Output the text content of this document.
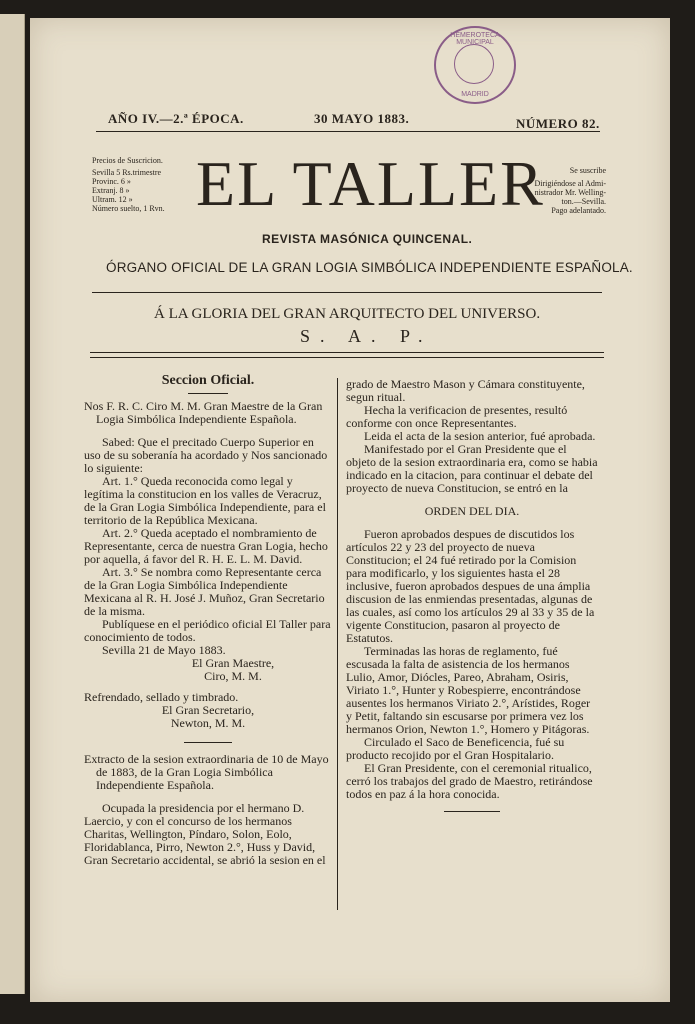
HEMEROTECA MUNICIPAL
MADRID
AÑO IV.—2.ª ÉPOCA.	30 MAYO 1883.	NÚMERO 82.
Precios de Suscricion.
Sevilla 5 Rs.trimestre
Provinc. 6 »
Extranj. 8 »
Ultram. 12 »
Número suelto, 1 Rvn. EL TALLER	Se suscribe
Dirigiéndose al Admi-
nistrador Mr. Welling-
ton.—Sevilla.
Pago adelantado.
REVISTA MASÓNICA QUINCENAL.
ÓRGANO OFICIAL DE LA GRAN LOGIA SIMBÓLICA INDEPENDIENTE ESPAÑOLA.
Á LA GLORIA DEL GRAN ARQUITECTO DEL UNIVERSO.
S. A. P.
Seccion Oficial.

Nos F. R. C. Ciro M. M. Gran Maestre de la Gran Logia Simbólica Independiente Española.

Sabed: Que el precitado Cuerpo Superior en uso de su soberanía ha acordado y Nos sancionado lo siguiente:

Art. 1.° Queda reconocida como legal y legítima la constitucion en los valles de Veracruz, de la Gran Logia Simbólica Independiente, para el territorio de la República Mexicana.

Art. 2.° Queda aceptado el nombramiento de Representante, cerca de nuestra Gran Logia, hecho por aquella, á favor del R. H. E. L. M. David.

Art. 3.° Se nombra como Representante cerca de la Gran Logia Simbólica Independiente Mexicana al R. H. José J. Muñoz, Gran Secretario de la misma.

Publíquese en el periódico oficial El Taller para conocimiento de todos.

Sevilla 21 de Mayo 1883.

El Gran Maestre,

Ciro, M. M.

Refrendado, sellado y timbrado.

El Gran Secretario,

Newton, M. M.

Extracto de la sesion extraordinaria de 10 de Mayo de 1883, de la Gran Logia Simbólica Independiente Española.

Ocupada la presidencia por el hermano D. Laercio, y con el concurso de los hermanos Charitas, Wellington, Píndaro, Solon, Eolo, Floridablanca, Pirro, Newton 2.°, Huss y David, Gran Secretario accidental, se abrió la sesion en el

grado de Maestro Mason y Cámara constituyente, segun ritual.

Hecha la verificacion de presentes, resultó conforme con once Representantes.

Leida el acta de la sesion anterior, fué aprobada.

Manifestado por el Gran Presidente que el objeto de la sesion extraordinaria era, como se habia indicado en la citacion, para continuar el debate del proyecto de nueva Constitucion, se entró en la

ORDEN DEL DIA.

Fueron aprobados despues de discutidos los artículos 22 y 23 del proyecto de nueva Constitucion; el 24 fué retirado por la Comision para modificarlo, y los siguientes hasta el 28 inclusive, fueron aprobados despues de una ámplia discusion de las enmiendas presentadas, algunas de las cuales, así como los artículos 29 al 33 y 35 de la vigente Constitucion, pasaron al proyecto de Estatutos.

Terminadas las horas de reglamento, fué escusada la falta de asistencia de los hermanos Lulio, Amor, Diócles, Pareo, Abraham, Osiris, Viriato 1.°, Hunter y Robespierre, encontrándose ausentes los hermanos Viriato 2.°, Arístides, Roger y Petit, faltando sin escusarse por primera vez los hermanos Orion, Newton 1.°, Homero y Pitágoras.

Circulado el Saco de Beneficencia, fué su producto recojido por el Gran Hospitalario.

El Gran Presidente, con el ceremonial ritualico, cerró los trabajos del grado de Maestro, retirándose todos en paz á la hora conocida.
